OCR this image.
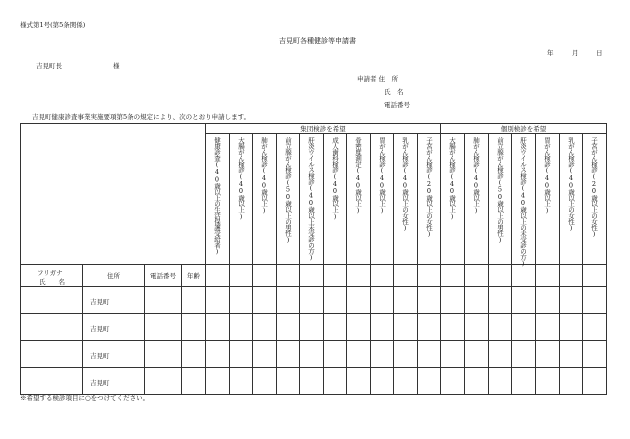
様式第1号(第5条関係)
吉見町各種健診等申請書
年	月	日
吉見町長	様
申請者 住　所
氏　名
電話番号
吉見町健康診査事業実施要項第5条の規定により、次のとおり申請します。
				集団検診を希望										個別検診を希望						

				健康診査(40歳以上の生活保護受給者)	大腸がん検診(40歳以上)	肺がん検診(40歳以上)	前立腺がん検診(50歳以上の男性)	肝炎ウイルス検診(40歳以上未受診の方)	成人歯科検診(40歳以上)	骨密度測定(40歳以上)	胃がん検診(40歳以上)	乳がん検診(40歳以上の女性)	子宮がん検診(20歳以上の女性)	大腸がん検診(40歳以上)	肺がん検診(40歳以上)	前立腺がん検診(50歳以上の男性)	肝炎ウイルス検診(40歳以上の未受診の方)	胃がん検診(40歳以上)	乳がん検診(40歳以上の女性)	子宮がん検診(20歳以上の女性)

フリガナ
氏　　名	住所	電話番号	年齢																	

	吉見町																			

	吉見町																			

	吉見町																			

	吉見町																			

※希望する検診項目に○をつけてください。
